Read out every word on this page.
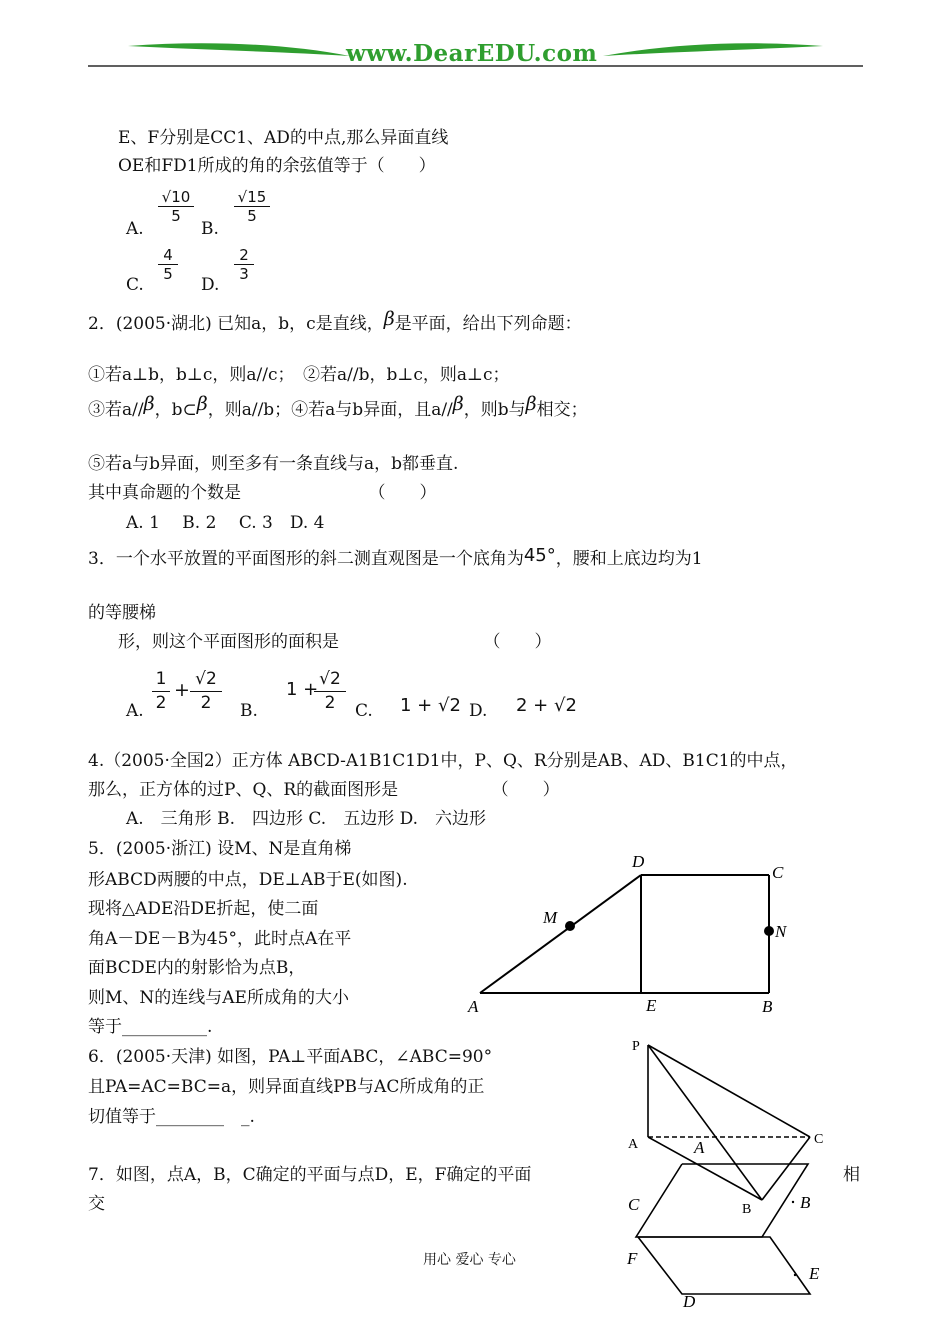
www.DearEDU.com
E、F分别是CC1、AD的中点,那么异面直线
OE和FD1所成的角的余弦值等于（　　）
A.
$\frac{√10}{5}$
B.
$\frac{√15}{5}$
C.
$\frac{4}{5}$
D.
$\frac{2}{3}$
2．(2005·湖北) 已知a，b，c是直线，β是平面，给出下列命题：
①若a⊥b，b⊥c，则a//c；　②若a//b，b⊥c，则a⊥c；
③若a//β，b⊂β，则a//b；④若a与b异面，且a//β，则b与β相交；
⑤若a与b异面，则至多有一条直线与a，b都垂直.
其中真命题的个数是　　　　　　　　（　　）
A. 1　 B. 2　 C. 3　D. 4
3．一个水平放置的平面图形的斜二测直观图是一个底角为45°，腰和上底边均为1
的等腰梯
形，则这个平面图形的面积是　　　　　　　　　（　　）
A. $\frac{1}{2} + \frac{√2}{2} B$.
1 +
$\frac{√2}{2} C$. 1 + √2 D. 2 + √2
4.（2005·全国2）正方体 ABCD-A1B1C1D1中，P、Q、R分别是AB、AD、B1C1的中点，
那么，正方体的过P、Q、R的截面图形是　　　　　　（　　）
A.　三角形 B.　四边形 C.　五边形 D.　六边形
5．(2005·浙江) 设M、N是直角梯
形ABCD两腰的中点，DE⊥AB于E(如图).
现将△ADE沿DE折起，使二面
角A－DE－B为45°，此时点A在平
面BCDE内的射影恰为点B，
则M、N的连线与AE所成角的大小
等于__________.
D
C
M
N
A	E	B
6．(2005·天津) 如图，PA⊥平面ABC，∠ABC=90°
且PA=AC=BC=a，则异面直线PB与AC所成角的正
切值等于________　_.
P
A	C
B
A
B
C
F
E
D
7．如图，点A，B，C确定的平面与点D，E，F确定的平面	相
交
用心 爱心 专心
